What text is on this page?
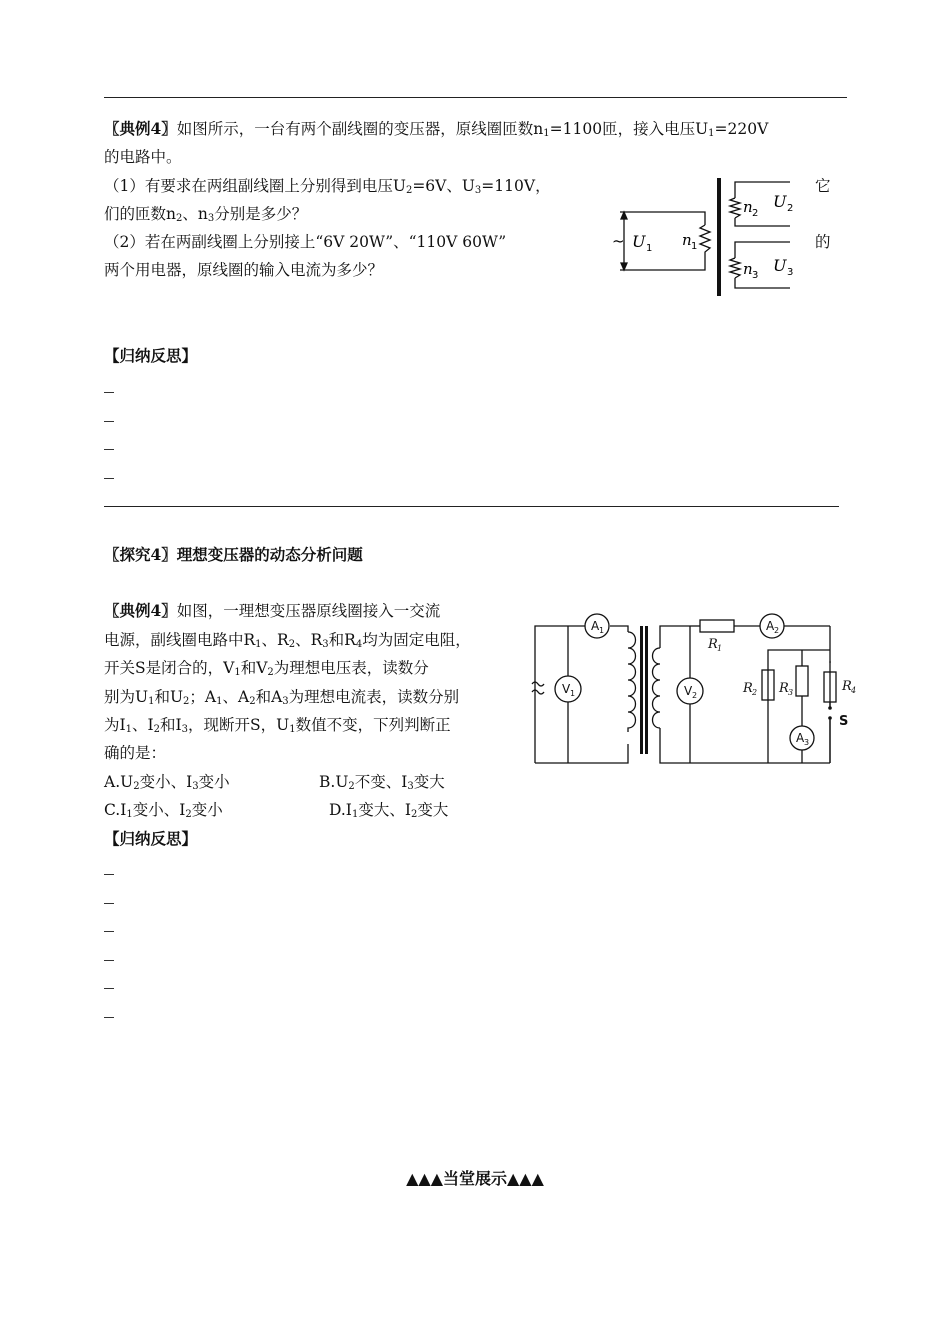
〖典例4〗如图所示，一台有两个副线圈的变压器，原线圈匝数$n_1=1100$匝，接入电压$U_1=220V$
的电路中。
（1）有要求在两组副线圈上分别得到电压$U_2=6V$、$U_3=110V$，	它
们的匝数$n_2$、$n_3$分别是多少？
（2）若在两副线圈上分别接上“6V 20W”、“110V 60W”	的
两个用电器，原线圈的输入电流为多少？
~ U 1 n 1
n 2
U 2
n 3
U 3
【归纳反思】
〖探究4〗理想变压器的动态分析问题
〖典例4〗如图，一理想变压器原线圈接入一交流
电源，副线圈电路中$R_1$、$R_2$、$R_3$和$R_4$均为固定电阻，
开关S是闭合的，$V_1$和$V_2$为理想电压表，读数分
别为$U_1$和$U_2$；$A_1$、$A_2$和$A_3$为理想电流表，读数分别
为$I_1$、$I_2$和$I_3$，现断开S，$U_1$数值不变，下列判断正
确的是：
$A.U_2$变小、$I_3$变小	$B.U_2$不变、$I_3$变大
$C.I_1$变小、$I_2$变小	$D.I_1$变大、$I_2$变大
A 1
V 1	V 2
A 2
A 3
S
R 1
R 2 R 3	R 4
【归纳反思】
▲▲▲当堂展示▲▲▲
